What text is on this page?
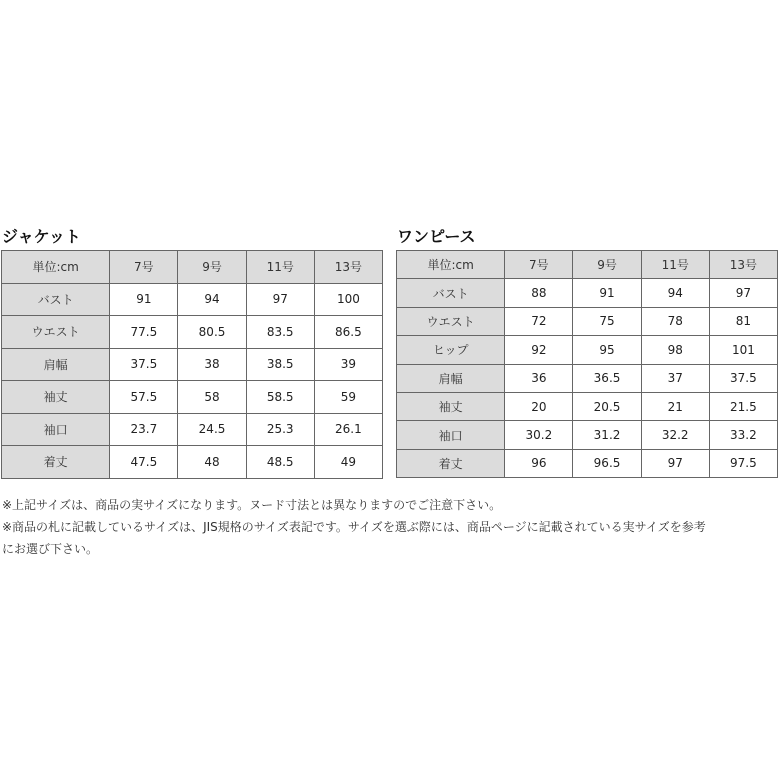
ジャケット
単位:cm	7号	9号	11号	13号
バスト	91	94	97	100
ウエスト	77.5	80.5	83.5	86.5
肩幅	37.5	38	38.5	39
袖丈	57.5	58	58.5	59
袖口	23.7	24.5	25.3	26.1
着丈	47.5	48	48.5	49
ワンピース
単位:cm	7号	9号	11号	13号
バスト	88	91	94	97
ウエスト	72	75	78	81
ヒップ	92	95	98	101
肩幅	36	36.5	37	37.5
袖丈	20	20.5	21	21.5
袖口	30.2	31.2	32.2	33.2
着丈	96	96.5	97	97.5
※上記サイズは、商品の実サイズになります。ヌード寸法とは異なりますのでご注意下さい。
※商品の札に記載しているサイズは、JIS規格のサイズ表記です。サイズを選ぶ際には、商品ページに記載されている実サイズを参考
にお選び下さい。
